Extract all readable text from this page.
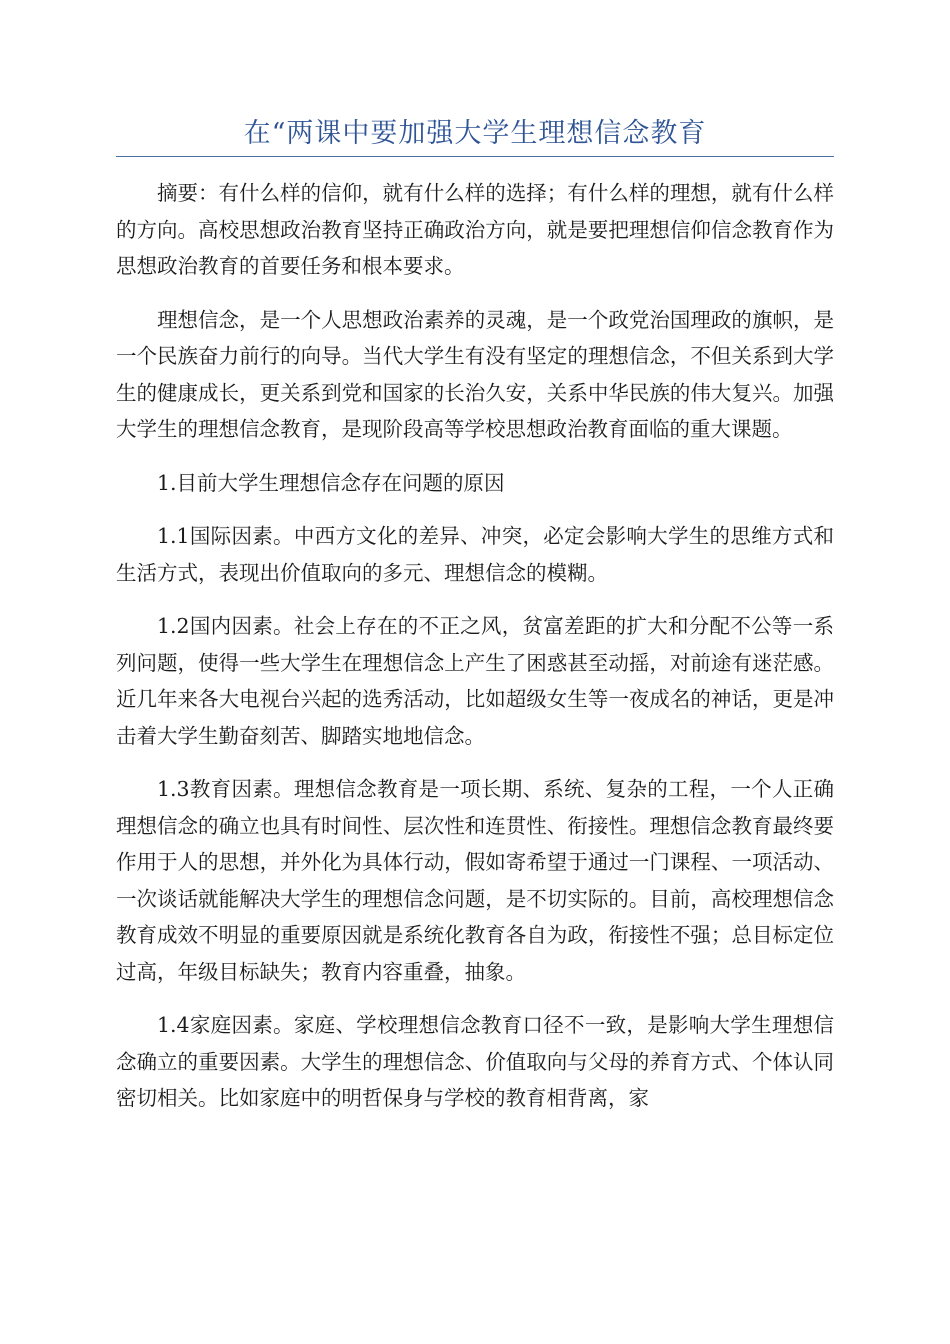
在“两课中要加强大学生理想信念教育

摘要：有什么样的信仰，就有什么样的选择；有什么样的理想，就有什么样的方向。高校思想政治教育坚持正确政治方向，就是要把理想信仰信念教育作为思想政治教育的首要任务和根本要求。

理想信念，是一个人思想政治素养的灵魂，是一个政党治国理政的旗帜，是一个民族奋力前行的向导。当代大学生有没有坚定的理想信念，不但关系到大学生的健康成长，更关系到党和国家的长治久安，关系中华民族的伟大复兴。加强大学生的理想信念教育，是现阶段高等学校思想政治教育面临的重大课题。

1.目前大学生理想信念存在问题的原因

1.1国际因素。中西方文化的差异、冲突，必定会影响大学生的思维方式和生活方式，表现出价值取向的多元、理想信念的模糊。

1.2国内因素。社会上存在的不正之风，贫富差距的扩大和分配不公等一系列问题，使得一些大学生在理想信念上产生了困惑甚至动摇，对前途有迷茫感。近几年来各大电视台兴起的选秀活动，比如超级女生等一夜成名的神话，更是冲击着大学生勤奋刻苦、脚踏实地地信念。

1.3教育因素。理想信念教育是一项长期、系统、复杂的工程，一个人正确理想信念的确立也具有时间性、层次性和连贯性、衔接性。理想信念教育最终要作用于人的思想，并外化为具体行动，假如寄希望于通过一门课程、一项活动、一次谈话就能解决大学生的理想信念问题，是不切实际的。目前，高校理想信念教育成效不明显的重要原因就是系统化教育各自为政，衔接性不强；总目标定位过高，年级目标缺失；教育内容重叠，抽象。

1.4家庭因素。家庭、学校理想信念教育口径不一致，是影响大学生理想信念确立的重要因素。大学生的理想信念、价值取向与父母的养育方式、个体认同密切相关。比如家庭中的明哲保身与学校的教育相背离，家
